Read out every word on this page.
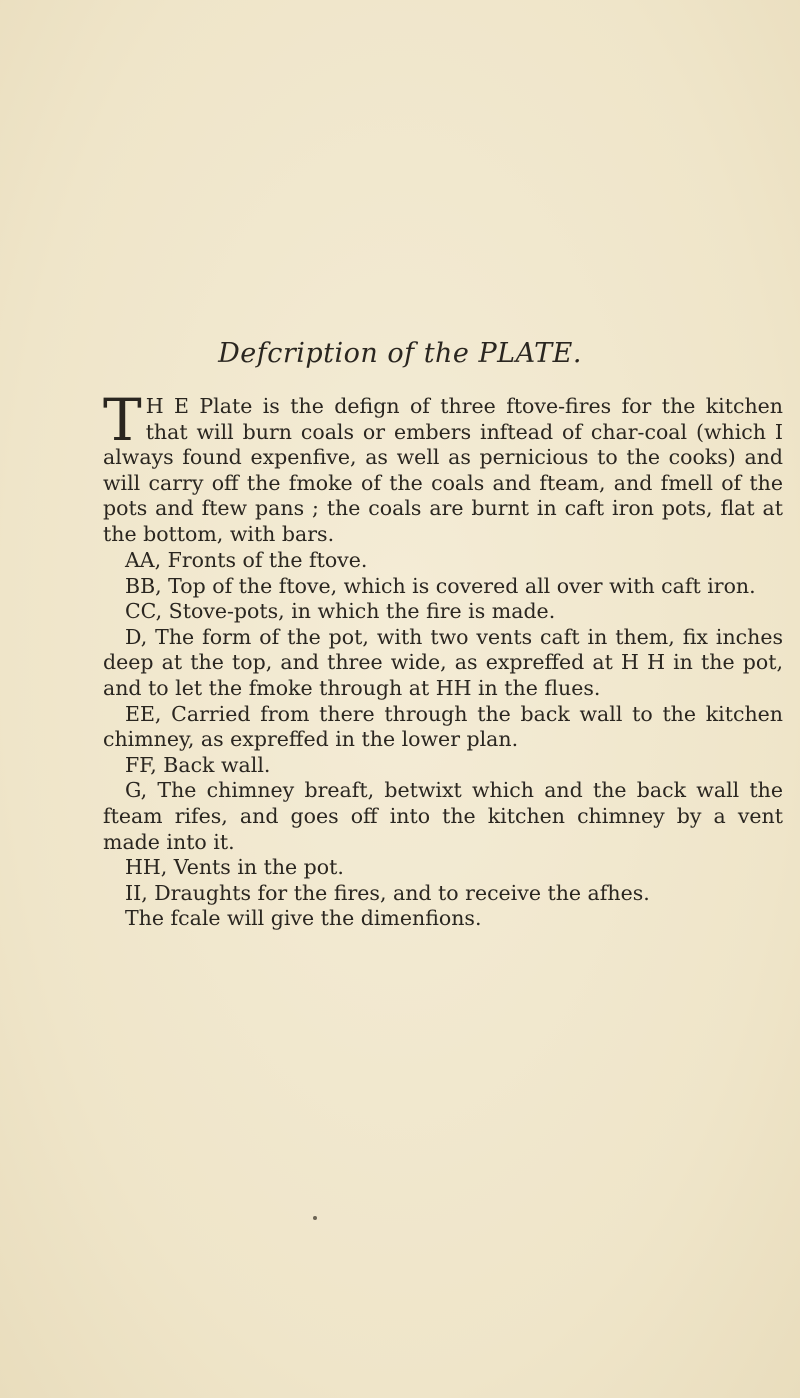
Defcription of the PLATE.
T H E Plate is the defign of three ftove-fires for the kitchen that will burn coals or embers inftead of char-coal (which I always found expenfive, as well as pernicious to the cooks) and will carry off the fmoke of the coals and fteam, and fmell of the pots and ftew pans ; the coals are burnt in caft iron pots, flat at the bottom, with bars.

AA, Fronts of the ftove.

BB, Top of the ftove, which is covered all over with caft iron.

CC, Stove-pots, in which the fire is made.

D, The form of the pot, with two vents caft in them, fix inches deep at the top, and three wide, as expreffed at H H in the pot, and to let the fmoke through at HH in the flues.

EE, Carried from there through the back wall to the kitchen chimney, as expreffed in the lower plan.

FF, Back wall.

G, The chimney breaft, betwixt which and the back wall the fteam rifes, and goes off into the kitchen chimney by a vent made into it.

HH, Vents in the pot.

II, Draughts for the fires, and to receive the afhes.

The fcale will give the dimenfions.
